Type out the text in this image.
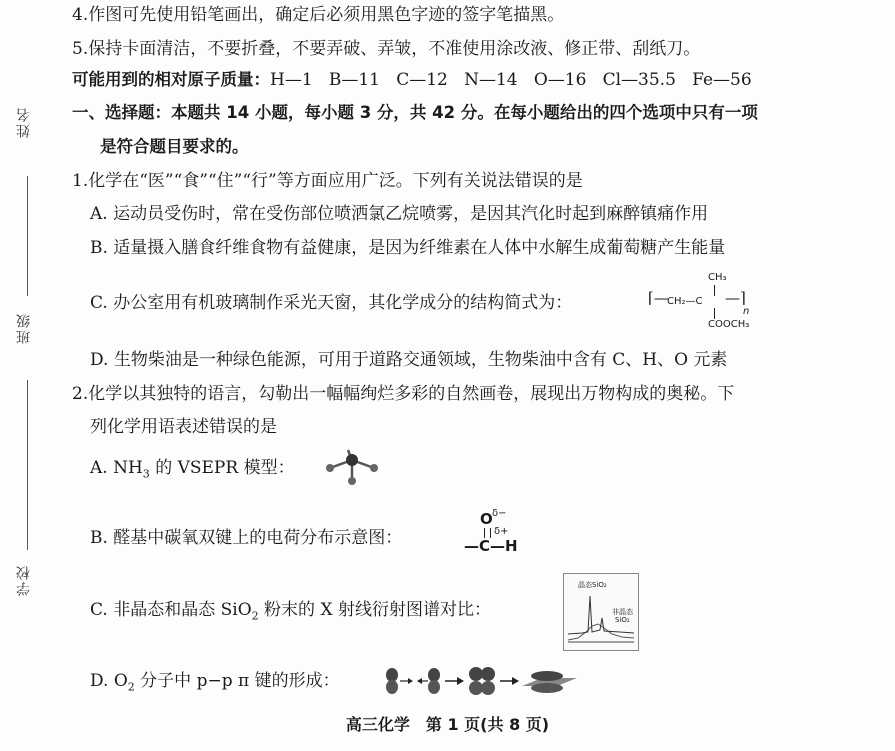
姓名
班级
学校
4.作图可先使用铅笔画出，确定后必须用黑色字迹的签字笔描黑。
5.保持卡面清洁，不要折叠，不要弄破、弄皱，不准使用涂改液、修正带、刮纸刀。
可能用到的相对原子质量：H—1 B—11 C—12 N—14 O—16 Cl—35.5 Fe—56
一、选择题：本题共 14 小题，每小题 3 分，共 42 分。在每小题给出的四个选项中只有一项
是符合题目要求的。
1.化学在“医”“食”“住”“行”等方面应用广泛。下列有关说法错误的是
A. 运动员受伤时，常在受伤部位喷洒氯乙烷喷雾，是因其汽化时起到麻醉镇痛作用
B. 适量摄入膳食纤维食物有益健康，是因为纤维素在人体中水解生成葡萄糖产生能量
C. 办公室用有机玻璃制作采光天窗，其化学成分的结构简式为：
CH₃
⌈—
CH₂—C —⌉
n
COOCH₃
D. 生物柴油是一种绿色能源，可用于道路交通领域，生物柴油中含有 C、H、O 元素
2.化学以其独特的语言，勾勒出一幅幅绚烂多彩的自然画卷，展现出万物构成的奥秘。下
列化学用语表述错误的是
A. $NH_3$ 的 VSEPR 模型：
B. 醛基中碳氧双键上的电荷分布示意图：
O δ−
δ+
—C—H
C. 非晶态和晶态 SiO$_2$ 粉末的 X 射线衍射图谱对比：
晶态SiO₂
非晶态
SiO₂
D. $O_2$ 分子中 p−p π 键的形成：
高三化学　第 1 页(共 8 页)
